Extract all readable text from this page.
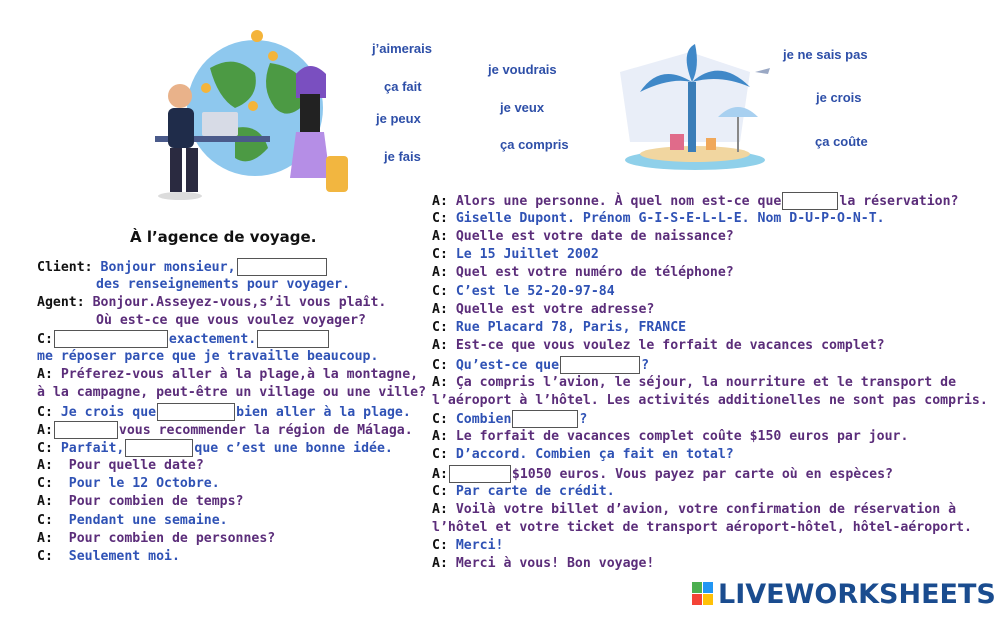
j’aimerais
ça fait
je peux
je fais
je voudrais
je veux
ça compris
je ne sais pas
je crois
ça coûte
À l’agence de voyage.
Client: Bonjour monsieur,
des renseignements pour voyager.
Agent: Bonjour.Asseyez-vous,s’il vous plaît.
Où est-ce que vous voulez voyager?
C:	exactement.
me réposer parce que je travaille beaucoup.
A: Préferez-vous aller à la plage,à la montagne,
à la campagne, peut-être un village ou une ville?
C: Je crois que	bien aller à la plage.
A:	vous recommender la région de Málaga.
C: Parfait,	que c’est une bonne idée.
A: Pour quelle date?
C: Pour le 12 Octobre.
A: Pour combien de temps?
C: Pendant une semaine.
A: Pour combien de personnes?
C: Seulement moi.
A: Alors une personne. À quel nom est-ce que	la réservation?
C: Giselle Dupont. Prénom G-I-S-E-L-L-E. Nom D-U-P-O-N-T.
A: Quelle est votre date de naissance?
C: Le 15 Juillet 2002
A: Quel est votre numéro de téléphone?
C: C’est le 52-20-97-84
A: Quelle est votre adresse?
C: Rue Placard 78, Paris, FRANCE
A: Est-ce que vous voulez le forfait de vacances complet?
C: Qu’est-ce que	?
A: Ça compris l’avion, le séjour, la nourriture et le transport de
l’aéroport à l’hôtel. Les activités additionelles ne sont pas compris.
C: Combien	?
A: Le forfait de vacances complet coûte $150 euros par jour.
C: D’accord. Combien ça fait en total?
A:	$1050 euros. Vous payez par carte où en espèces?
C: Par carte de crédit.
A: Voilà votre billet d’avion, votre confirmation de réservation à
l’hôtel et votre ticket de transport aéroport-hôtel, hôtel-aéroport.
C: Merci!
A: Merci à vous! Bon voyage!
LIVEWORKSHEETS
